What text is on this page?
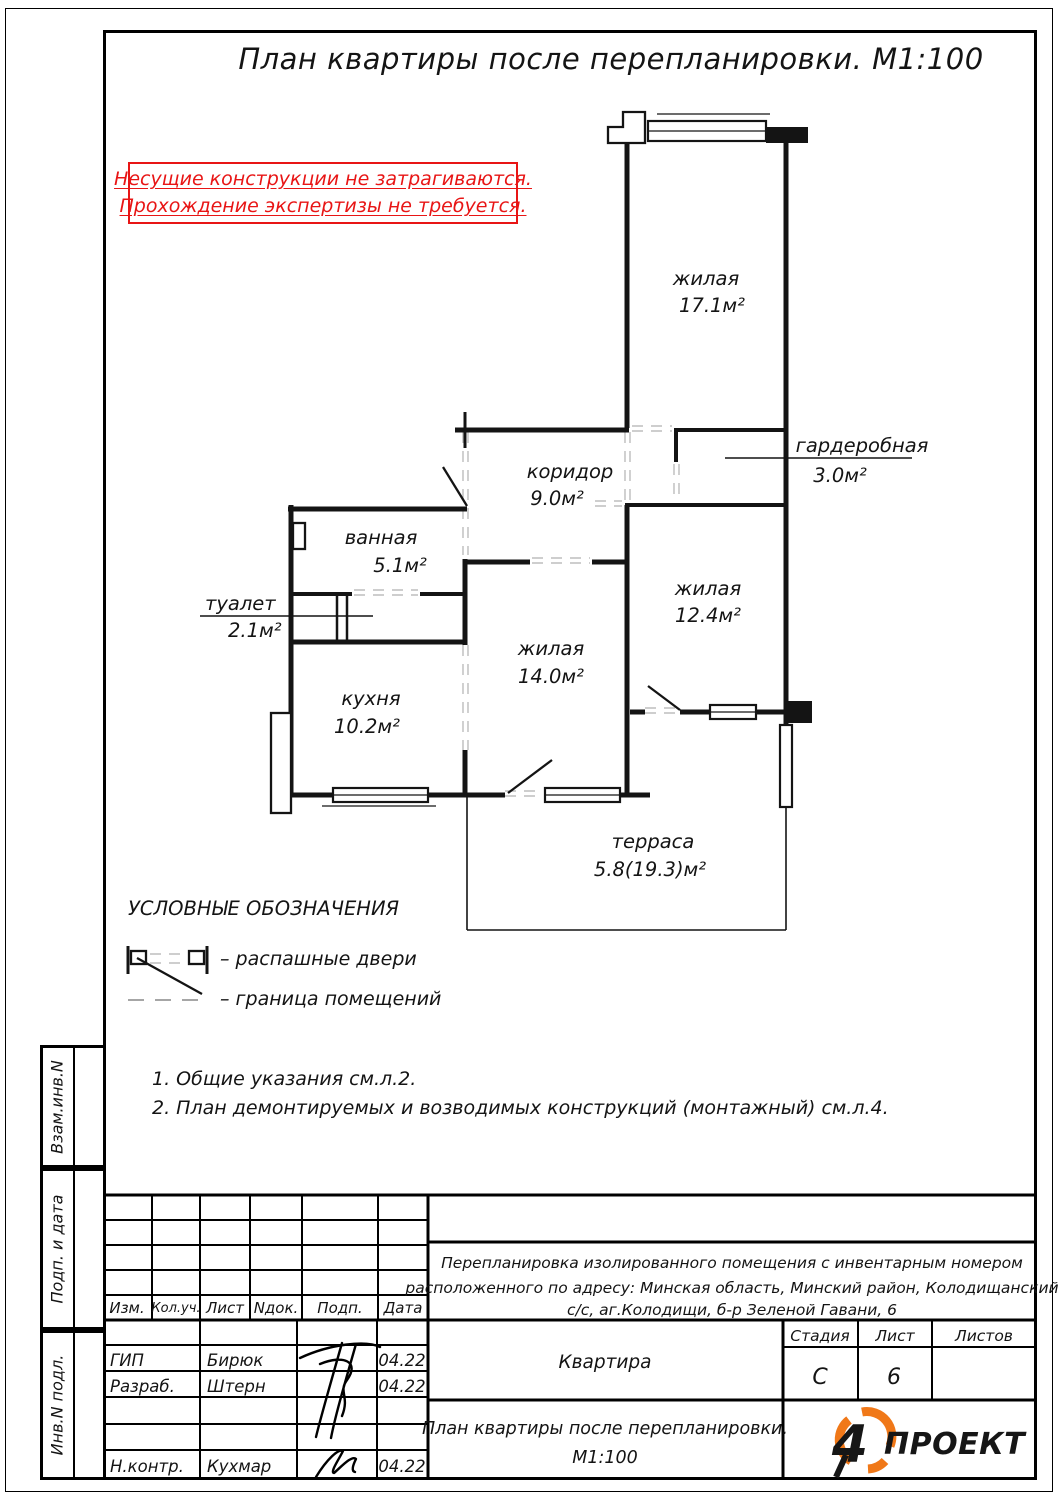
План квартиры после перепланировки. М1:100
Несущие конструкции не затрагиваются.
Прохождение экспертизы не требуется.
УСЛОВНЫЕ ОБОЗНАЧЕНИЯ
– распашные двери
– граница помещений
1. Общие указания см.л.2.
2. План демонтируемых и возводимых конструкций (монтажный) см.л.4.
Взам.инв.N
Подп. и дата
Инв.N подл.
жилая
17.1м²
гардеробная
3.0м²
коридор
9.0м²
ванная
5.1м²
туалет
2.1м²
жилая
12.4м²
жилая
14.0м²
кухня
10.2м²
терраса
5.8(19.3)м²
Изм. Кол.уч. Лист Nдок. Подп. Дата
ГИП	Бирюк	04.22
Разраб. Штерн	04.22
Н.контр. Кухмар	04.22
Перепланировка изолированного помещения с инвентарным номером
расположенного по адресу: Минская область, Минский район, Колодищанский
с/с, аг.Колодищи, б-р Зеленой Гавани, 6
Квартира
Стадия Лист	Листов
С	6
План квартиры после перепланировки.
М1:100	4 ПРОЕКТ
